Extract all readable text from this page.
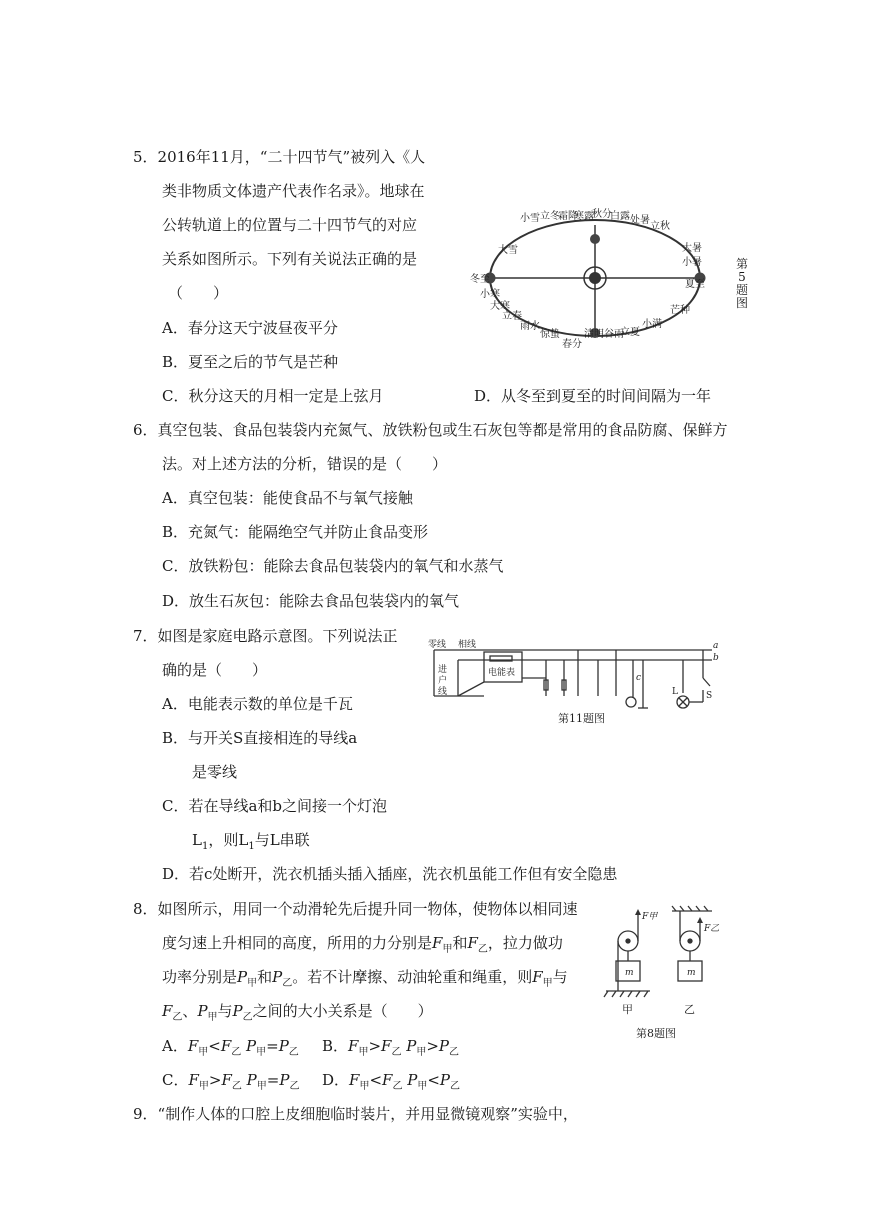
5．2016年11月，“二十四节气”被列入《人
类非物质文体遗产代表作名录》。地球在
公转轨道上的位置与二十四节气的对应
关系如图所示。下列有关说法正确的是
（　　）
A．春分这天宁波昼夜平分
B．夏至之后的节气是芒种
C．秋分这天的月相一定是上弦月	D．从冬至到夏至的时间间隔为一年
小雪 立冬
霜降
寒露
秋分
白露 处暑
立秋
大暑
小暑
夏至
芒种
小满
立夏
谷雨
清明
春分
惊蛰
雨水
立春
大寒
小寒
冬至
大雪
第
5
题
图
6．真空包装、食品包装袋内充氮气、放铁粉包或生石灰包等都是常用的食品防腐、保鲜方
法。对上述方法的分析，错误的是（　　）
A．真空包装：能使食品不与氧气接触
B．充氮气：能隔绝空气并防止食品变形
C．放铁粉包：能除去食品包装袋内的氧气和水蒸气
D．放生石灰包：能除去食品包装袋内的氧气
7．如图是家庭电路示意图。下列说法正
确的是（　　）
A．电能表示数的单位是千瓦
B．与开关S直接相连的导线a
是零线
C．若在导线a和b之间接一个灯泡
$L_1$，则$L_1$与L串联
D．若c处断开，洗衣机插头插入插座，洗衣机虽能工作但有安全隐患
零线 相线
进
户
线
电能表
a
b
c
L	S
第11题图
8．如图所示，用同一个动滑轮先后提升同一物体，使物体以相同速
度匀速上升相同的高度，所用的力分别是$F_甲$和$F_乙$，拉力做功
功率分别是$P_甲$和$P_乙$。若不计摩擦、动油轮重和绳重，则$F_甲$与
$F_乙$、$P_甲$与$P_乙$之间的大小关系是（　　）
A．$F_甲<F_乙$ $P_甲=P_乙$ B．$F_甲>F_乙$ $P_甲>P_乙$
C．$F_甲>F_乙$ $P_甲=P_乙$ D．$F_甲<F_乙$ $P_甲<P_乙$
m	m
F甲
F乙
甲	乙
第8题图
9．“制作人体的口腔上皮细胞临时装片，并用显微镜观察”实验中，
